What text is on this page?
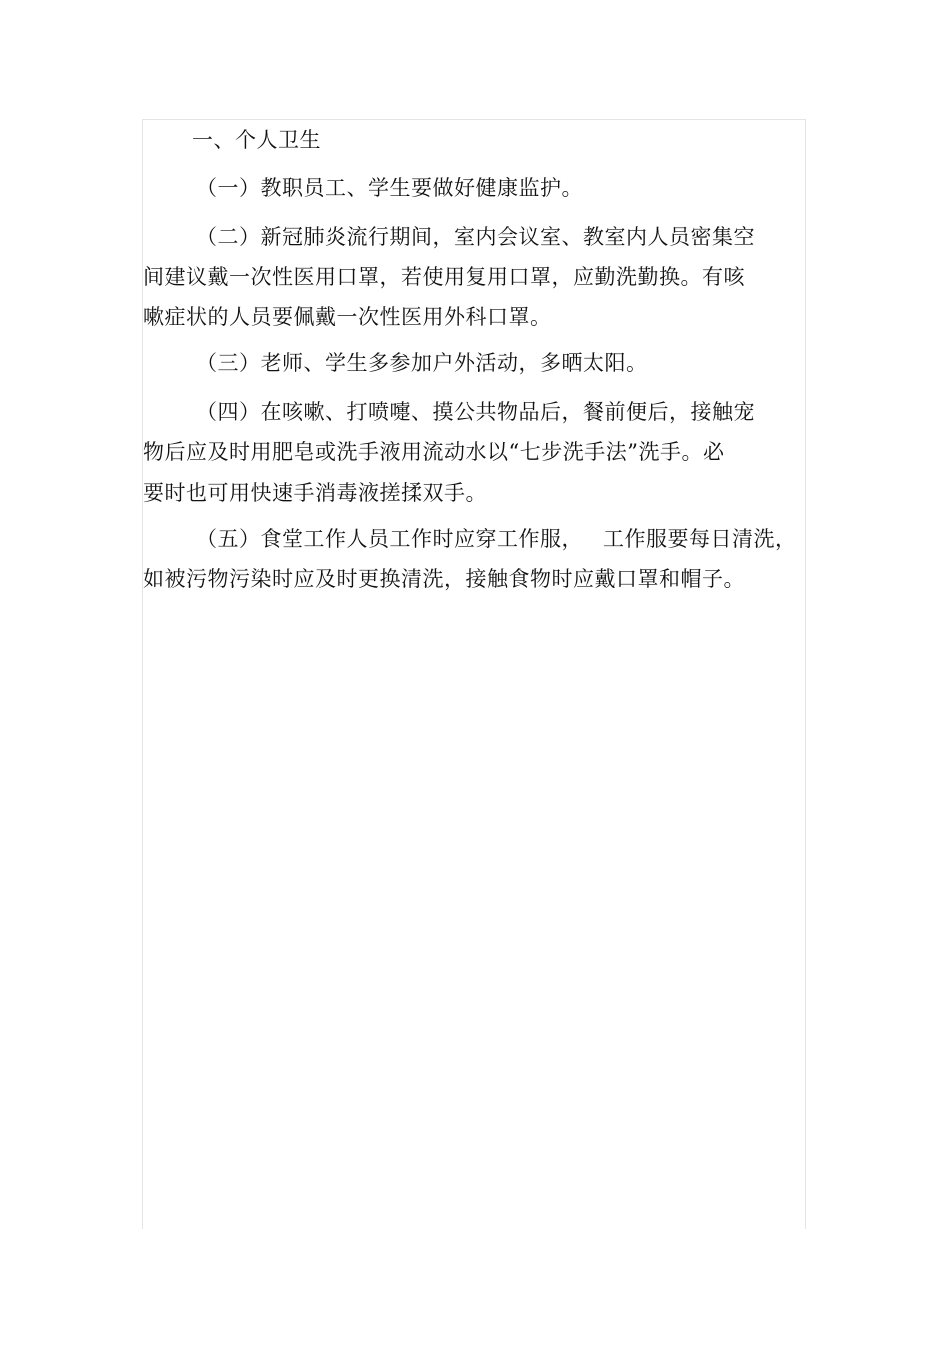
一、个人卫生
（一）教职员工、学生要做好健康监护。
（二）新冠肺炎流行期间，室内会议室、教室内人员密集空
间建议戴一次性医用口罩，若使用复用口罩，应勤洗勤换。有咳
嗽症状的人员要佩戴一次性医用外科口罩。
（三）老师、学生多参加户外活动，多晒太阳。
（四）在咳嗽、打喷嚏、摸公共物品后，餐前便后，接触宠
物后应及时用肥皂或洗手液用流动水以“七步洗手法”洗手。必
要时也可用快速手消毒液搓揉双手。
（五）食堂工作人员工作时应穿工作服， 工作服要每日清洗，
如被污物污染时应及时更换清洗，接触食物时应戴口罩和帽子。
